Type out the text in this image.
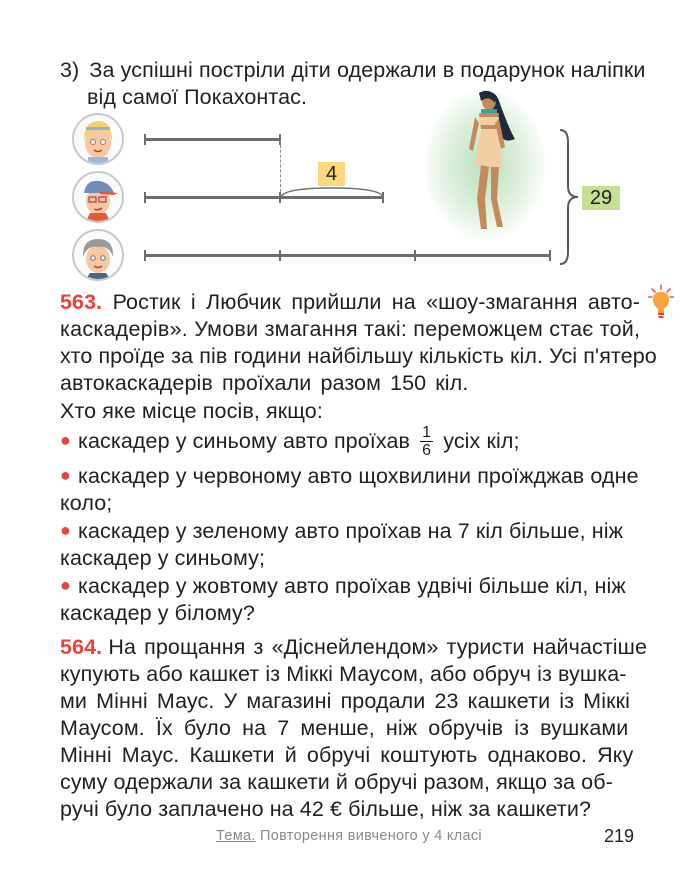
3) За успішні постріли діти одержали в подарунок наліпки
від самої Покахонтас.
4
29
563. Ростик і Любчик прийшли на «шоу-змагання авто-
каскадерів». Умови змагання такі: переможцем стає той,
хто проїде за пів години найбільшу кількість кіл. Усі п'ятеро
автокаскадерів проїхали разом 150 кіл.
Хто яке місце посів, якщо:
● каскадер у синьому авто проїхав $\frac{1}{6}$ усіх кіл;
● каскадер у червоному авто щохвилини проїжджав одне
коло;
● каскадер у зеленому авто проїхав на 7 кіл більше, ніж
каскадер у синьому;
● каскадер у жовтому авто проїхав удвічі більше кіл, ніж
каскадер у білому?
564. На прощання з «Діснейлендом» туристи найчастіше
купують або кашкет із Міккі Маусом, або обруч із вушка-
ми Мінні Маус. У магазині продали 23 кашкети із Міккі
Маусом. Їх було на 7 менше, ніж обручів із вушками
Мінні Маус. Кашкети й обручі коштують однаково. Яку
суму одержали за кашкети й обручі разом, якщо за об-
ручі було заплачено на 42 € більше, ніж за кашкети?
Тема. Повторення вивченого у 4 класі	219
